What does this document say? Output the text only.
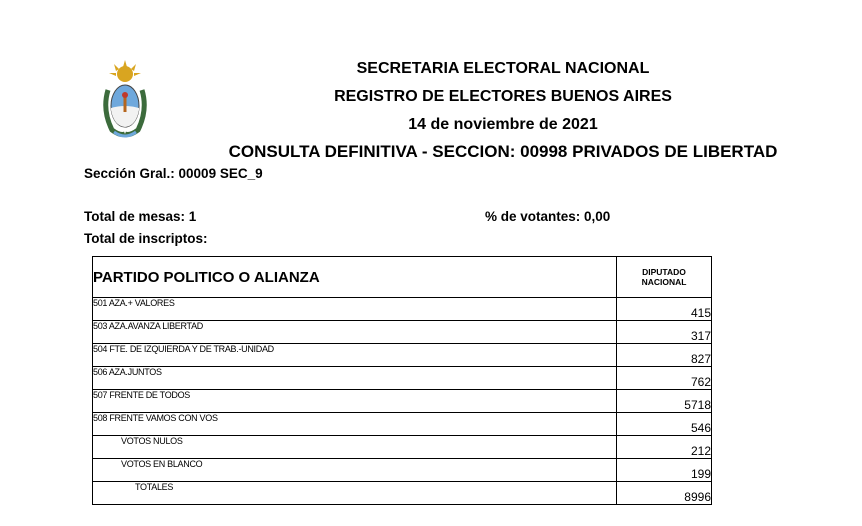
SECRETARIA ELECTORAL NACIONAL
REGISTRO DE ELECTORES BUENOS AIRES
14 de noviembre de 2021
CONSULTA DEFINITIVA - SECCION: 00998 PRIVADOS DE LIBERTAD
Sección Gral.: 00009 SEC_9
Total de mesas: 1
Total de inscriptos:
% de votantes: 0,00
PARTIDO POLITICO O ALIANZA	DIPUTADO
NACIONAL
501 AZA.+ VALORES	415
503 AZA.AVANZA LIBERTAD	317
504 FTE. DE IZQUIERDA Y DE TRAB.-UNIDAD	827
506 AZA.JUNTOS	762
507 FRENTE DE TODOS	5718
508 FRENTE VAMOS CON VOS	546
VOTOS NULOS	212
VOTOS EN BLANCO	199
TOTALES	8996
